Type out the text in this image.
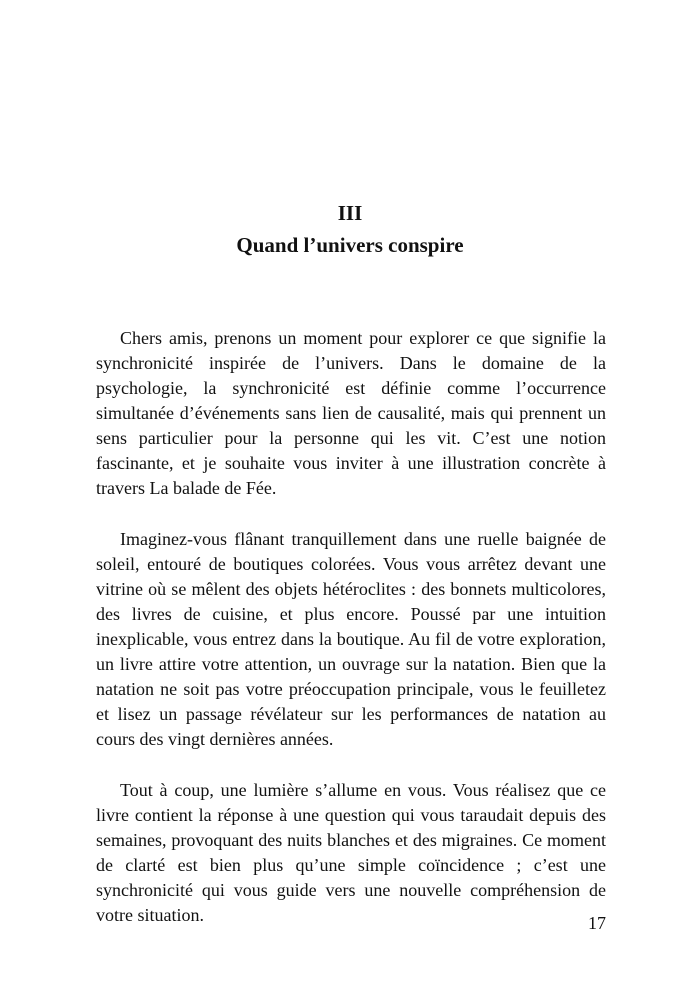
III
Quand l’univers conspire

Chers amis, prenons un moment pour explorer ce que signifie la synchronicité inspirée de l’univers. Dans le domaine de la psychologie, la synchronicité est définie comme l’occurrence simultanée d’événements sans lien de causalité, mais qui prennent un sens particulier pour la personne qui les vit. C’est une notion fascinante, et je souhaite vous inviter à une illustration concrète à travers La balade de Fée.

Imaginez-vous flânant tranquillement dans une ruelle baignée de soleil, entouré de boutiques colorées. Vous vous arrêtez devant une vitrine où se mêlent des objets hétéroclites : des bonnets multicolores, des livres de cuisine, et plus encore. Poussé par une intuition inexplicable, vous entrez dans la boutique. Au fil de votre exploration, un livre attire votre attention, un ouvrage sur la natation. Bien que la natation ne soit pas votre préoccupation principale, vous le feuilletez et lisez un passage révélateur sur les performances de natation au cours des vingt dernières années.

Tout à coup, une lumière s’allume en vous. Vous réalisez que ce livre contient la réponse à une question qui vous taraudait depuis des semaines, provoquant des nuits blanches et des migraines. Ce moment de clarté est bien plus qu’une simple coïncidence ; c’est une synchronicité qui vous guide vers une nouvelle compréhension de votre situation.	17
